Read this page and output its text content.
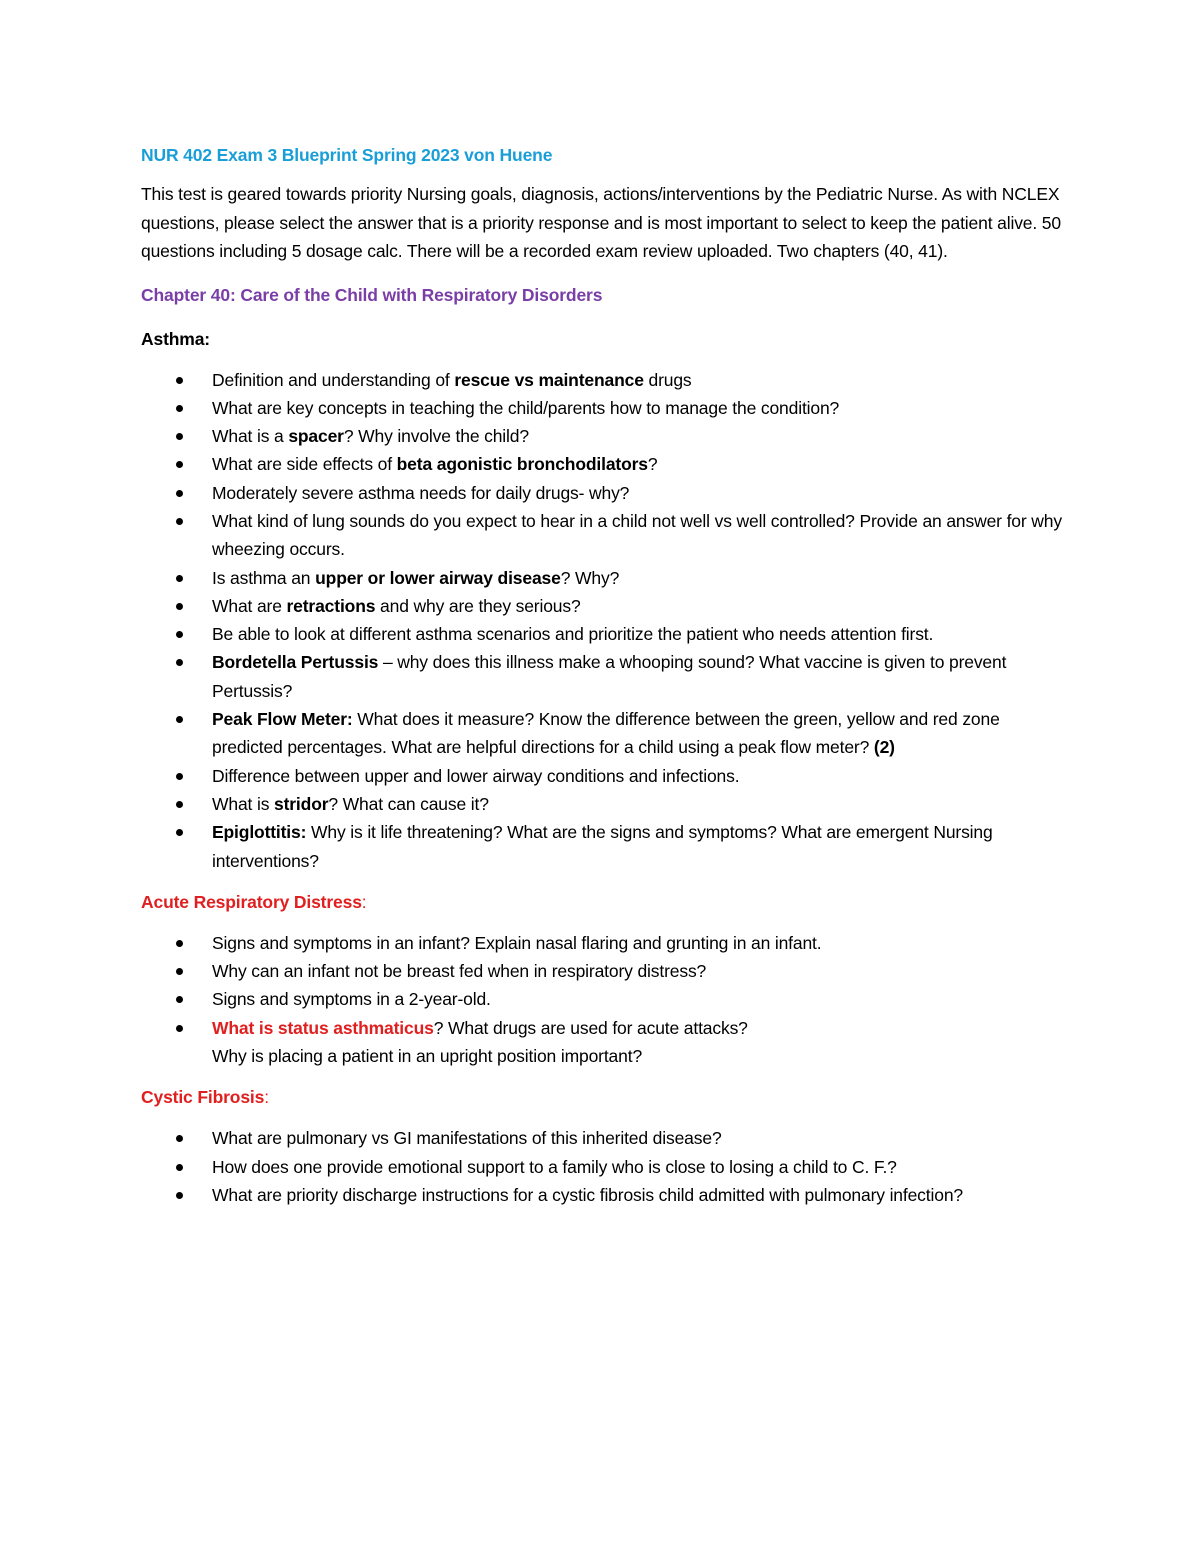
NUR 402 Exam 3 Blueprint Spring 2023 von Huene
This test is geared towards priority Nursing goals, diagnosis, actions/interventions by the Pediatric Nurse. As with NCLEX questions, please select the answer that is a priority response and is most important to select to keep the patient alive. 50 questions including 5 dosage calc. There will be a recorded exam review uploaded. Two chapters (40, 41).
Chapter 40: Care of the Child with Respiratory Disorders
Asthma:
Definition and understanding of rescue vs maintenance drugs
What are key concepts in teaching the child/parents how to manage the condition?
What is a spacer? Why involve the child?
What are side effects of beta agonistic bronchodilators?
Moderately severe asthma needs for daily drugs- why?
What kind of lung sounds do you expect to hear in a child not well vs well controlled? Provide an answer for why wheezing occurs.
Is asthma an upper or lower airway disease? Why?
What are retractions and why are they serious?
Be able to look at different asthma scenarios and prioritize the patient who needs attention first.
Bordetella Pertussis – why does this illness make a whooping sound? What vaccine is given to prevent Pertussis?
Peak Flow Meter: What does it measure? Know the difference between the green, yellow and red zone predicted percentages. What are helpful directions for a child using a peak flow meter? (2)
Difference between upper and lower airway conditions and infections.
What is stridor? What can cause it?
Epiglottitis: Why is it life threatening? What are the signs and symptoms? What are emergent Nursing interventions?
Acute Respiratory Distress:
Signs and symptoms in an infant? Explain nasal flaring and grunting in an infant.
Why can an infant not be breast fed when in respiratory distress?
Signs and symptoms in a 2-year-old.
What is status asthmaticus? What drugs are used for acute attacks?
Why is placing a patient in an upright position important?
Cystic Fibrosis:
What are pulmonary vs GI manifestations of this inherited disease?
How does one provide emotional support to a family who is close to losing a child to C. F.?
What are priority discharge instructions for a cystic fibrosis child admitted with pulmonary infection?
